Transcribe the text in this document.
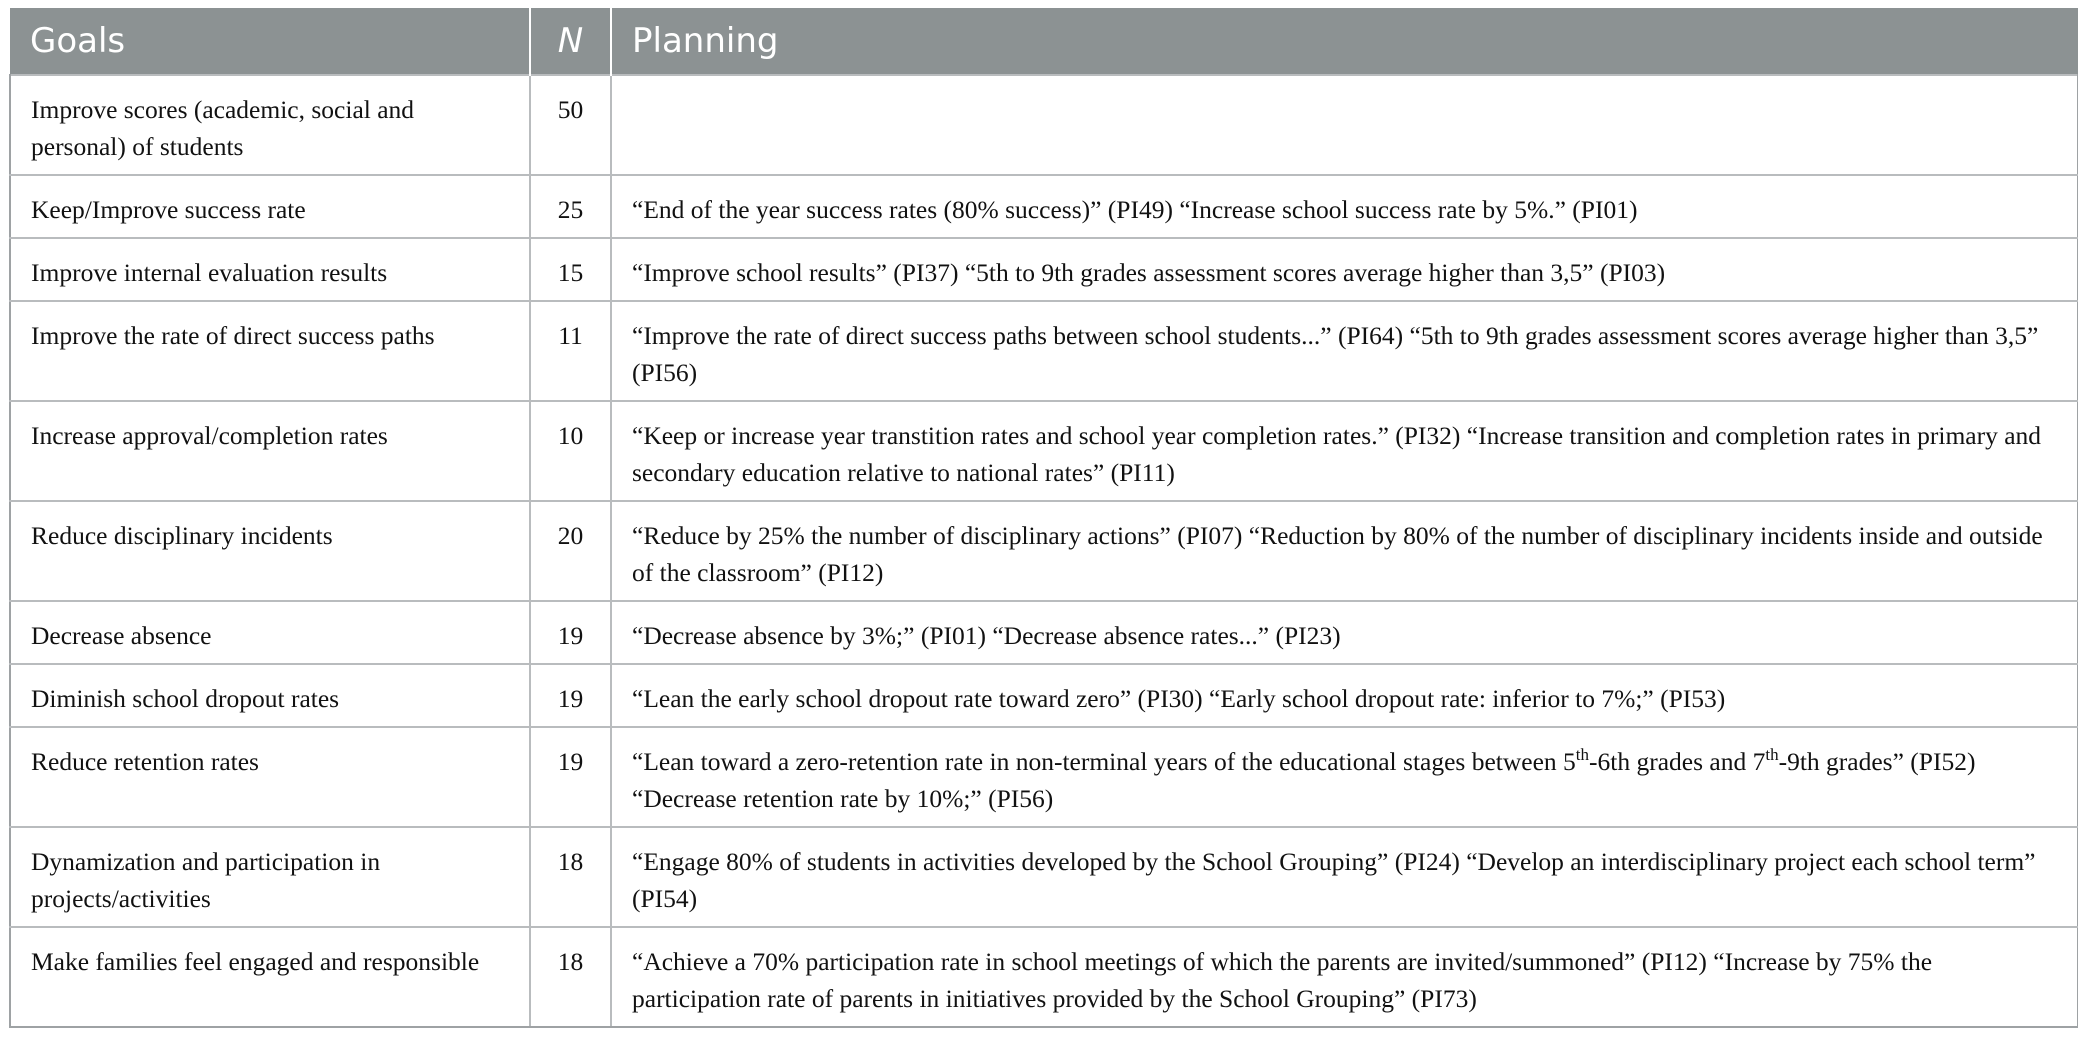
Goals	N	Planning
Improve scores (academic, social and personal) of students	50	
Keep/Improve success rate	25	“End of the year success rates (80% success)” (PI49) “Increase school success rate by 5%.” (PI01)
Improve internal evaluation results	15	“Improve school results” (PI37) “5th to 9th grades assessment scores average higher than 3,5” (PI03)
Improve the rate of direct success paths	11	“Improve the rate of direct success paths between school students...” (PI64) “5th to 9th grades assessment scores average higher than 3,5” (PI56)
Increase approval/completion rates	10	“Keep or increase year transtition rates and school year completion rates.” (PI32) “Increase transition and completion rates in primary and secondary education relative to national rates” (PI11)
Reduce disciplinary incidents	20	“Reduce by 25% the number of disciplinary actions” (PI07) “Reduction by 80% of the number of disciplinary incidents inside and outside of the classroom” (PI12)
Decrease absence	19	“Decrease absence by 3%;” (PI01) “Decrease absence rates...” (PI23)
Diminish school dropout rates	19	“Lean the early school dropout rate toward zero” (PI30) “Early school dropout rate: inferior to 7%;” (PI53)
Reduce retention rates	19	“Lean toward a zero-retention rate in non-terminal years of the educational stages between 5th-6th grades and 7th-9th grades” (PI52) “Decrease retention rate by 10%;” (PI56)
Dynamization and participation in projects/activities	18	“Engage 80% of students in activities developed by the School Grouping” (PI24) “Develop an interdisciplinary project each school term” (PI54)
Make families feel engaged and responsible	18	“Achieve a 70% participation rate in school meetings of which the parents are invited/summoned” (PI12) “Increase by 75% the participation rate of parents in initiatives provided by the School Grouping” (PI73)
